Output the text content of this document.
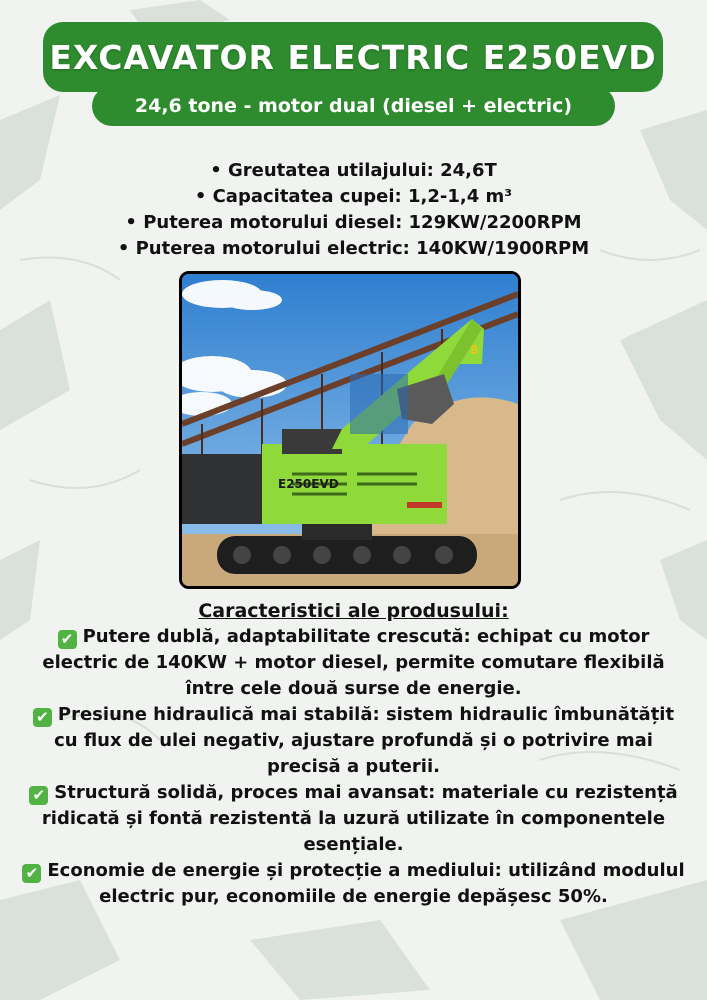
EXCAVATOR ELECTRIC E250EVD
24,6 tone - motor dual (diesel + electric)
• Greutatea utilajului: 24,6T
• Capacitatea cupei: 1,2-1,4 m³
• Puterea motorului diesel: 129KW/2200RPM
• Puterea motorului electric: 140KW/1900RPM
E250EVD
8
Caracteristici ale produsului:
✔ Putere dublă, adaptabilitate crescută: echipat cu motor electric de 140KW + motor diesel, permite comutare flexibilă între cele două surse de energie.
✔ Presiune hidraulică mai stabilă: sistem hidraulic îmbunătățit cu flux de ulei negativ, ajustare profundă și o potrivire mai precisă a puterii.
✔ Structură solidă, proces mai avansat: materiale cu rezistență ridicată și fontă rezistentă la uzură utilizate în componentele esențiale.
✔ Economie de energie și protecție a mediului: utilizând modulul electric pur, economiile de energie depășesc 50%.
